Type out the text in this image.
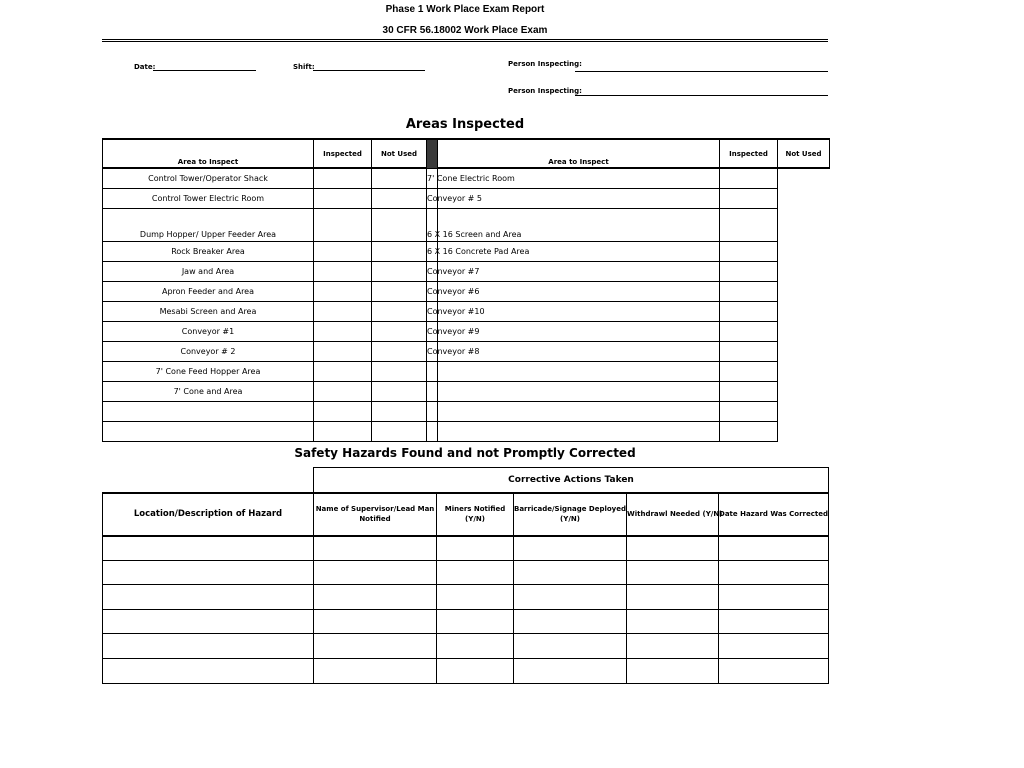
Phase 1 Work Place Exam Report
30 CFR 56.18002 Work Place Exam
Date:	Shift:	Person Inspecting:
Person Inspecting:
Areas Inspected
Area to Inspect	Inspected	Not Used		Area to Inspect	Inspected	Not Used
Control Tower/Operator Shack			7' Cone Electric Room			
Control Tower Electric Room			Conveyor # 5			
Dump Hopper/ Upper Feeder Area			6 X 16 Screen and Area			
Rock Breaker Area			6 X 16 Concrete Pad Area			
Jaw and Area			Conveyor #7			
Apron Feeder and Area			Conveyor #6			
Mesabi Screen and Area			Conveyor #10			
Conveyor #1			Conveyor #9			
Conveyor # 2			Conveyor #8			
7' Cone Feed Hopper Area						
7' Cone and Area						

Safety Hazards Found and not Promptly Corrected
	Corrective Actions Taken				
Location/Description of Hazard	Name of Supervisor/Lead Man Notified	Miners Notified (Y/N)	Barricade/Signage Deployed (Y/N)	Withdrawl Needed (Y/N)	Date Hazard Was Corrected
